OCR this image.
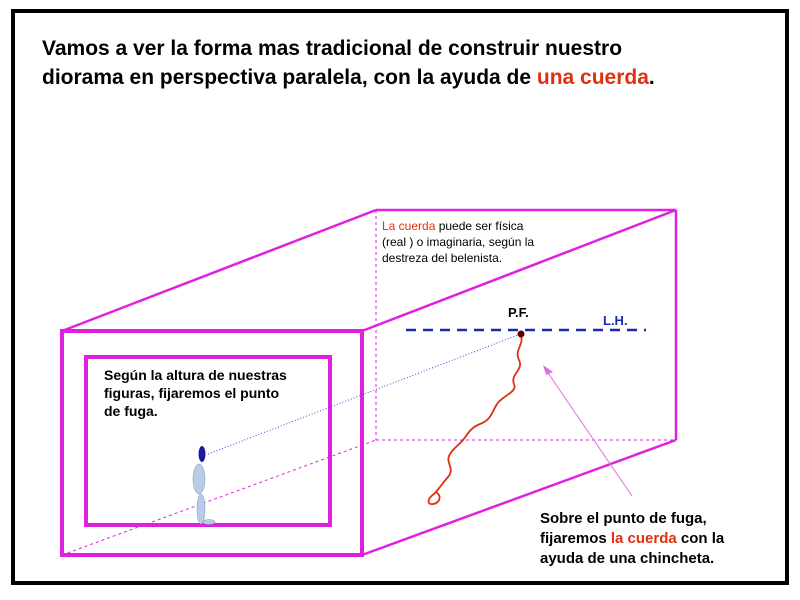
Vamos a ver la forma mas tradicional de construir nuestro
diorama en perspectiva paralela, con la ayuda de una cuerda.

La cuerda puede ser física
(real ) o imaginaria, según la
destreza del belenista.

Según la altura de nuestras
figuras, fijaremos el punto
de fuga.

Sobre el punto de fuga,
fijaremos la cuerda con la
ayuda de una chincheta.

P.F.
L.H.
